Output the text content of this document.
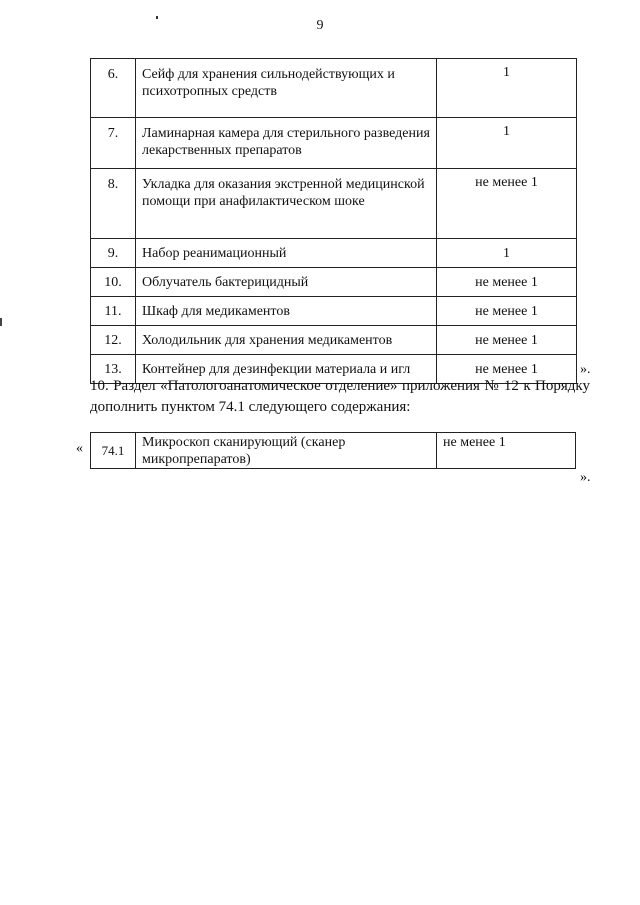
9
6.	Сейф для хранения сильнодействующих и психотропных средств	1
7.	Ламинарная камера для стерильного разведения лекарственных препаратов	1
8.	Укладка для оказания экстренной медицинской помощи при анафилактическом шоке	не менее 1
9.	Набор реанимационный	1
10.	Облучатель бактерицидный	не менее 1
11.	Шкаф для медикаментов	не менее 1
12.	Холодильник для хранения медикаментов	не менее 1
13.	Контейнер для дезинфекции материала и игл	не менее 1	».
10. Раздел «Патологоанатомическое отделение» приложения № 12 к Порядку дополнить пунктом 74.1 следующего содержания:
« 74.1	Микроскоп сканирующий (сканер микропрепаратов)	не менее 1
».
